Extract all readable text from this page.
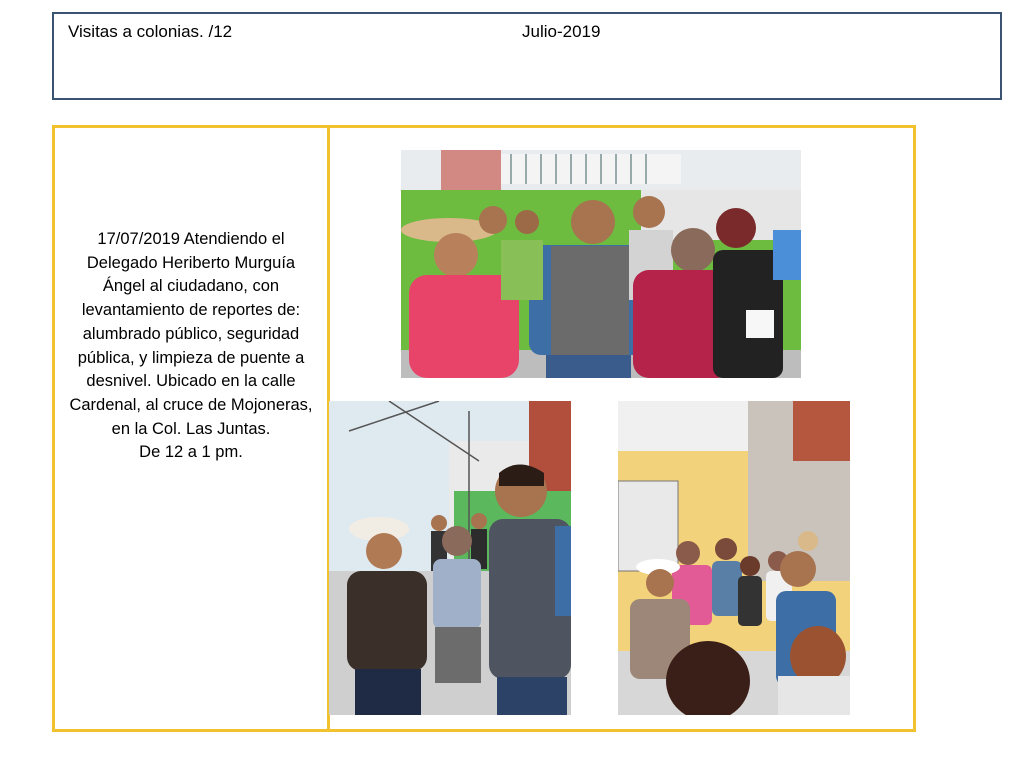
Visitas a colonias. /12	Julio-2019
17/07/2019 Atendiendo el Delegado Heriberto Murguía Ángel al ciudadano, con levantamiento de reportes de: alumbrado público, seguridad pública, y limpieza de puente a desnivel. Ubicado en la calle Cardenal, al cruce de Mojoneras, en la Col. Las Juntas.
De 12 a 1 pm.
